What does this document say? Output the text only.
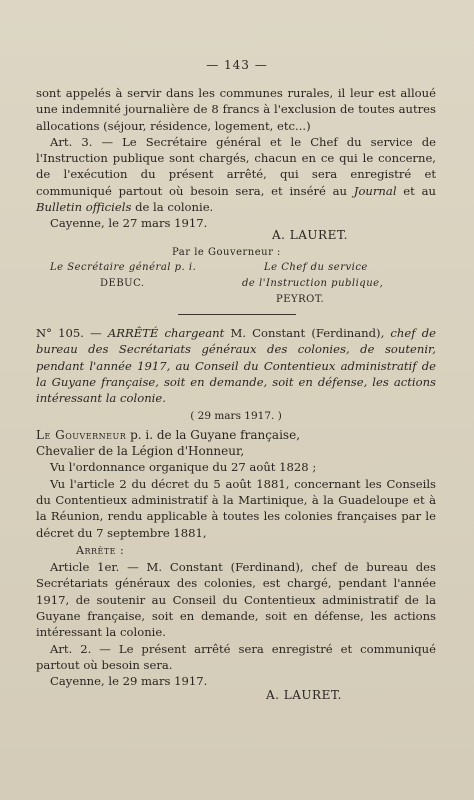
— 143 —

sont appelés à servir dans les communes rurales, il leur est alloué une indemnité journalière de 8 francs à l'exclusion de toutes autres allocations (séjour, résidence, logement, etc...)

Art. 3. — Le Secrétaire général et le Chef du service de l'Instruction publique sont chargés, chacun en ce qui le concerne, de l'exécution du présent arrêté, qui sera enregistré et communiqué partout où besoin sera, et inséré au Journal et au Bulletin officiels de la colonie.

Cayenne, le 27 mars 1917.

A. LAURET.
Par le Gouverneur :
Le Secrétaire général p. i.
DEBUC.
Le Chef du service
de l'Instruction publique,
PEYROT.

N° 105. — ARRÊTÉ chargeant M. Constant (Ferdinand), chef de bureau des Secrétariats généraux des colonies, de soutenir, pendant l'année 1917, au Conseil du Contentieux administratif de la Guyane française, soit en demande, soit en défense, les actions intéressant la colonie.

( 29 mars 1917. )

Le Gouverneur p. i. de la Guyane française,

Chevalier de la Légion d'Honneur,

Vu l'ordonnance organique du 27 août 1828 ;

Vu l'article 2 du décret du 5 août 1881, concernant les Conseils du Contentieux administratif à la Martinique, à la Guadeloupe et à la Réunion, rendu applicable à toutes les colonies françaises par le décret du 7 septembre 1881,

Arrête :

Article 1er. — M. Constant (Ferdinand), chef de bureau des Secrétariats généraux des colonies, est chargé, pendant l'année 1917, de soutenir au Conseil du Contentieux administratif de la Guyane française, soit en demande, soit en défense, les actions intéressant la colonie.

Art. 2. — Le présent arrêté sera enregistré et communiqué partout où besoin sera.

Cayenne, le 29 mars 1917.

A. LAURET.
